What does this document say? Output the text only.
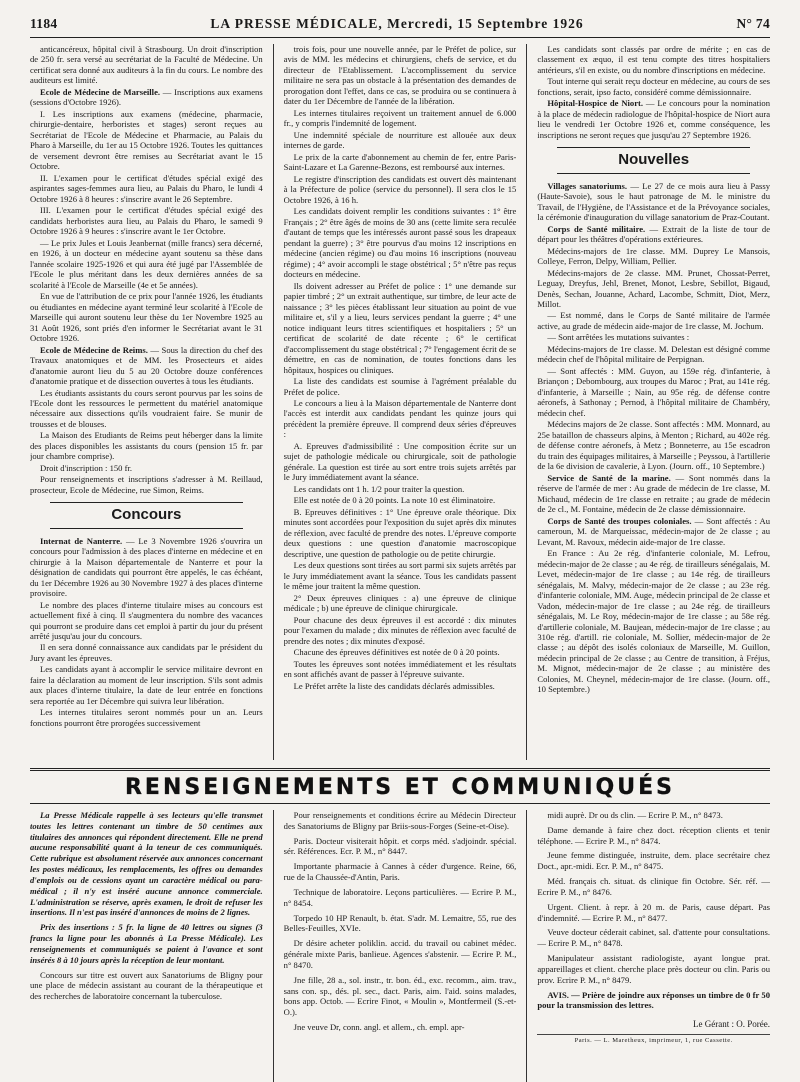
1184	LA PRESSE MÉDICALE, Mercredi, 15 Septembre 1926	N° 74

anticancéreux, hôpital civil à Strasbourg. Un droit d'inscription de 250 fr. sera versé au secrétariat de la Faculté de Médecine. Un certificat sera donné aux auditeurs à la fin du cours. Le nombre des auditeurs est limité.

Ecole de Médecine de Marseille. — Inscriptions aux examens (sessions d'Octobre 1926).

I. Les inscriptions aux examens (médecine, pharmacie, chirurgie-dentaire, herboristes et stages) seront reçues au Secrétariat de l'Ecole de Médecine et Pharmacie, au Palais du Pharo à Marseille, du 1er au 15 Octobre 1926. Toutes les quittances de versement devront être remises au Secrétariat avant le 15 Octobre.

II. L'examen pour le certificat d'études spécial exigé des aspirantes sages-femmes aura lieu, au Palais du Pharo, le lundi 4 Octobre 1926 à 8 heures : s'inscrire avant le 26 Septembre.

III. L'examen pour le certificat d'études spécial exigé des candidats herboristes aura lieu, au Palais du Pharo, le samedi 9 Octobre 1926 à 9 heures : s'inscrire avant le 1er Octobre.

— Le prix Jules et Louis Jeanbernat (mille francs) sera décerné, en 1926, à un docteur en médecine ayant soutenu sa thèse dans l'année scolaire 1925-1926 et qui aura été jugé par l'Assemblée de l'Ecole le plus méritant dans les deux dernières années de sa scolarité à l'Ecole de Marseille (4e et 5e années).

En vue de l'attribution de ce prix pour l'année 1926, les étudiants ou étudiantes en médecine ayant terminé leur scolarité à l'Ecole de Marseille qui auront soutenu leur thèse du 1er Novembre 1925 au 31 Août 1926, sont priés d'en informer le Secrétariat avant le 31 Octobre 1926.

Ecole de Médecine de Reims. — Sous la direction du chef des Travaux anatomiques et de MM. les Prosecteurs et aides d'anatomie auront lieu du 5 au 20 Octobre douze conférences d'anatomie pratique et de dissection ouvertes à tous les étudiants.

Les étudiants assistants du cours seront pourvus par les soins de l'Ecole dont les ressources le permettent du matériel anatomique nécessaire aux dissections qu'ils voudraient faire. Se munir de trousses et de blouses.

La Maison des Etudiants de Reims peut héberger dans la limite des places disponibles les assistants du cours (pension 15 fr. par jour chambre comprise).

Droit d'inscription : 150 fr.

Pour renseignements et inscriptions s'adresser à M. Reillaud, prosecteur, Ecole de Médecine, rue Simon, Reims.

Concours

Internat de Nanterre. — Le 3 Novembre 1926 s'ouvrira un concours pour l'admission à des places d'interne en médecine et en chirurgie à la Maison départementale de Nanterre et pour la désignation de candidats qui pourront être appelés, le cas échéant, du 1er Décembre 1926 au 30 Novembre 1927 à des places d'interne provisoire.

Le nombre des places d'interne titulaire mises au concours est actuellement fixé à cinq. Il s'augmentera du nombre des vacances qui pourront se produire dans cet emploi à partir du jour du présent arrêté jusqu'au jour du concours.

Il en sera donné connaissance aux candidats par le président du Jury avant les épreuves.

Les candidats ayant à accomplir le service militaire devront en faire la déclaration au moment de leur inscription. S'ils sont admis aux places d'interne titulaire, la date de leur entrée en fonctions sera reportée au 1er Décembre qui suivra leur libération.

Les internes titulaires seront nommés pour un an. Leurs fonctions pourront être prorogées successivement

trois fois, pour une nouvelle année, par le Préfet de police, sur avis de MM. les médecins et chirurgiens, chefs de service, et du directeur de l'Etablissement. L'accomplissement du service militaire ne sera pas un obstacle à la présentation des demandes de prorogation dont l'effet, dans ce cas, se produira ou se continuera à dater du 1er Décembre de l'année de la libération.

Les internes titulaires reçoivent un traitement annuel de 6.000 fr., y compris l'indemnité de logement.

Une indemnité spéciale de nourriture est allouée aux deux internes de garde.

Le prix de la carte d'abonnement au chemin de fer, entre Paris-Saint-Lazare et La Garenne-Bezons, est remboursé aux internes.

Le registre d'inscription des candidats est ouvert dès maintenant à la Préfecture de police (service du personnel). Il sera clos le 15 Octobre 1926, à 16 h.

Les candidats doivent remplir les conditions suivantes : 1° être Français ; 2° être âgés de moins de 30 ans (cette limite sera reculée d'autant de temps que les intéressés auront passé sous les drapeaux pendant la guerre) ; 3° être pourvus d'au moins 12 inscriptions en médecine (ancien régime) ou d'au moins 16 inscriptions (nouveau régime) ; 4° avoir accompli le stage obstétrical ; 5° n'être pas reçus docteurs en médecine.

Ils doivent adresser au Préfet de police : 1° une demande sur papier timbré ; 2° un extrait authentique, sur timbre, de leur acte de naissance ; 3° les pièces établissant leur situation au point de vue militaire et, s'il y a lieu, leurs services pendant la guerre ; 4° une notice indiquant leurs titres scientifiques et hospitaliers ; 5° un certificat de scolarité de date récente ; 6° le certificat d'accomplissement du stage obstétrical ; 7° l'engagement écrit de se démettre, en cas de nomination, de toutes fonctions dans les hôpitaux, hospices ou cliniques.

La liste des candidats est soumise à l'agrément préalable du Préfet de police.

Le concours a lieu à la Maison départementale de Nanterre dont l'accès est interdit aux candidats pendant les quinze jours qui précèdent la première épreuve. Il comprend deux séries d'épreuves :

A. Epreuves d'admissibilité : Une composition écrite sur un sujet de pathologie médicale ou chirurgicale, soit de pathologie générale. La question est tirée au sort entre trois sujets arrêtés par le Jury immédiatement avant la séance.

Les candidats ont 1 h. 1/2 pour traiter la question.

Elle est notée de 0 à 20 points. La note 10 est éliminatoire.

B. Epreuves définitives : 1° Une épreuve orale théorique. Dix minutes sont accordées pour l'exposition du sujet après dix minutes de réflexion, avec faculté de prendre des notes. L'épreuve comporte deux questions : une question d'anatomie macroscopique descriptive, une question de pathologie ou de petite chirurgie.

Les deux questions sont tirées au sort parmi six sujets arrêtés par le Jury immédiatement avant la séance. Tous les candidats passent le même jour traitent la même question.

2° Deux épreuves cliniques : a) une épreuve de clinique médicale ; b) une épreuve de clinique chirurgicale.

Pour chacune des deux épreuves il est accordé : dix minutes pour l'examen du malade ; dix minutes de réflexion avec faculté de prendre des notes ; dix minutes d'exposé.

Chacune des épreuves définitives est notée de 0 à 20 points.

Toutes les épreuves sont notées immédiatement et les résultats en sont affichés avant de passer à l'épreuve suivante.

Le Préfet arrête la liste des candidats déclarés admissibles.

Les candidats sont classés par ordre de mérite ; en cas de classement ex æquo, il est tenu compte des titres hospitaliers antérieurs, s'il en existe, ou du nombre d'inscriptions en médecine.

Tout interne qui serait reçu docteur en médecine, au cours de ses fonctions, serait, ipso facto, considéré comme démissionnaire.

Hôpital-Hospice de Niort. — Le concours pour la nomination à la place de médecin radiologue de l'hôpital-hospice de Niort aura lieu le vendredi 1er Octobre 1926 et, comme conséquence, les inscriptions ne seront reçues que jusqu'au 27 Septembre 1926.

Nouvelles

Villages sanatoriums. — Le 27 de ce mois aura lieu à Passy (Haute-Savoie), sous le haut patronage de M. le ministre du Travail, de l'Hygiène, de l'Assistance et de la Prévoyance sociales, la cérémonie d'inauguration du village sanatorium de Praz-Coutant.

Corps de Santé militaire. — Extrait de la liste de tour de départ pour les théâtres d'opérations extérieures.

Médecins-majors de 1re classe. MM. Duprey Le Mansois, Colleye, Ferron, Delpy, William, Pellier.

Médecins-majors de 2e classe. MM. Prunet, Chossat-Perret, Leguay, Dreyfus, Jehl, Brenet, Monot, Lesbre, Sebillot, Bigaud, Denès, Sechan, Jouanne, Achard, Lacombe, Schmitt, Diot, Merz, Millot.

— Est nommé, dans le Corps de Santé militaire de l'armée active, au grade de médecin aide-major de 1re classe, M. Jochum.

— Sont arrêtées les mutations suivantes :

Médecins-majors de 1re classe. M. Delestan est désigné comme médecin chef de l'hôpital militaire de Perpignan.

— Sont affectés : MM. Guyon, au 159e rég. d'infanterie, à Briançon ; Debombourg, aux troupes du Maroc ; Prat, au 141e rég. d'infanterie, à Marseille ; Nain, au 95e rég. de défense contre aéronefs, à Sathonay ; Pernod, à l'hôpital militaire de Chambéry, médecin chef.

Médecins majors de 2e classe. Sont affectés : MM. Monnard, au 25e bataillon de chasseurs alpins, à Menton ; Richard, au 402e rég. de défense contre aéronefs, à Metz ; Bonneterre, au 15e escadron du train des équipages militaires, à Marseille ; Peyssou, à l'artillerie de la 6e division de cavalerie, à Lyon. (Journ. off., 10 Septembre.)

Service de Santé de la marine. — Sont nommés dans la réserve de l'armée de mer : Au grade de médecin de 1re classe, M. Michaud, médecin de 1re classe en retraite ; au grade de médecin de 2e cl., M. Fontaine, médecin de 2e classe démissionnaire.

Corps de Santé des troupes coloniales. — Sont affectés : Au cameroun, M. de Marqueissac, médecin-major de 2e classe ; au Levant, M. Ravoux, médecin aide-major de 1re classe.

En France : Au 2e rég. d'infanterie coloniale, M. Lefrou, médecin-major de 2e classe ; au 4e rég. de tirailleurs sénégalais, M. Levet, médecin-major de 1re classe ; au 14e rég. de tirailleurs sénégalais, M. Malvy, médecin-major de 2e classe ; au 23e rég. d'infanterie coloniale, MM. Auge, médecin principal de 2e classe et Vadon, médecin-major de 1re classe ; au 24e rég. de tirailleurs sénégalais, M. Le Roy, médecin-major de 1re classe ; au 58e rég. d'artillerie coloniale, M. Baujean, médecin-major de 1re classe ; au 310e rég. d'artill. rie coloniale, M. Sollier, médecin-major de 2e classe ; au dépôt des isolés coloniaux de Marseille, M. Guillon, médecin principal de 2e classe ; au Centre de transition, à Fréjus, M. Mignot, médecin-major de 2e classe ; au ministère des Colonies, M. Cheynel, médecin-major de 1re classe. (Journ. off., 10 Septembre.)

RENSEIGNEMENTS ET COMMUNIQUÉS

La Presse Médicale rappelle à ses lecteurs qu'elle transmet toutes les lettres contenant un timbre de 50 centimes aux titulaires des annonces qui répondent directement. Elle ne prend aucune responsabilité quant à la teneur de ces communiqués. Cette rubrique est absolument réservée aux annonces concernant les postes médicaux, les remplacements, les offres ou demandes d'emplois ou de cessions ayant un caractère médical ou para-médical ; il n'y est inséré aucune annonce commerciale. L'administration se réserve, après examen, le droit de refuser les insertions. Il n'est pas inséré d'annonces de moins de 2 lignes.

Prix des insertions : 5 fr. la ligne de 40 lettres ou signes (3 francs la ligne pour les abonnés à La Presse Médicale). Les renseignements et communiqués se paient à l'avance et sont insérés 8 à 10 jours après la réception de leur montant.

Concours sur titre est ouvert aux Sanatoriums de Bligny pour une place de médecin assistant au courant de la thérapeutique et des recherches de laboratoire concernant la tuberculose.

Pour renseignements et conditions écrire au Médecin Directeur des Sanatoriums de Bligny par Briis-sous-Forges (Seine-et-Oise).

Paris. Docteur visiterait hôpit. et corps méd. s'adjoindr. spécial. sér. Références. Ecr. P. M., n° 8447.

Importante pharmacie à Cannes à céder d'urgence. Reine, 66, rue de la Chaussée-d'Antin, Paris.

Technique de laboratoire. Leçons particulières. — Ecrire P. M., n° 8454.

Torpedo 10 HP Renault, b. état. S'adr. M. Lemaitre, 55, rue des Belles-Feuilles, XVIe.

Dr désire acheter poliklin. accid. du travail ou cabinet médec. générale mixte Paris, banlieue. Agences s'abstenir. — Ecrire P. M., n° 8470.

Jne fille, 28 a., sol. instr., tr. bon. éd., exc. recomm., aim. trav., sans con. sp., dés. pl. sec., dact. Paris, aim. l'aid. soins malades, bons app. Octob. — Ecrire Finot, « Moulin », Montfermeil (S.-et-O.).

Jne veuve Dr, conn. angl. et allem., ch. empl. apr-

midi auprè. Dr ou ds clin. — Ecrire P. M., n° 8473.

Dame demande à faire chez doct. réception clients et tenir téléphone. — Ecrire P. M., n° 8474.

Jeune femme distinguée, instruite, dem. place secrétaire chez Doct., apr.-midi. Ecr. P. M., n° 8475.

Méd. français ch. situat. ds clinique fin Octobre. Sér. réf. — Ecrire P. M., n° 8476.

Urgent. Client. à repr. à 20 m. de Paris, cause départ. Pas d'indemnité. — Ecrire P. M., n° 8477.

Veuve docteur céderait cabinet, sal. d'attente pour consultations. — Ecrire P. M., n° 8478.

Manipulateur assistant radiologiste, ayant longue prat. appareillages et client. cherche place près docteur ou clin. Paris ou prov. Ecrire P. M., n° 8479.

AVIS. — Prière de joindre aux réponses un timbre de 0 fr 50 pour la transmission des lettres.

Le Gérant : O. Porée.
Paris. — L. Maretheux, imprimeur, 1, rue Cassette.
